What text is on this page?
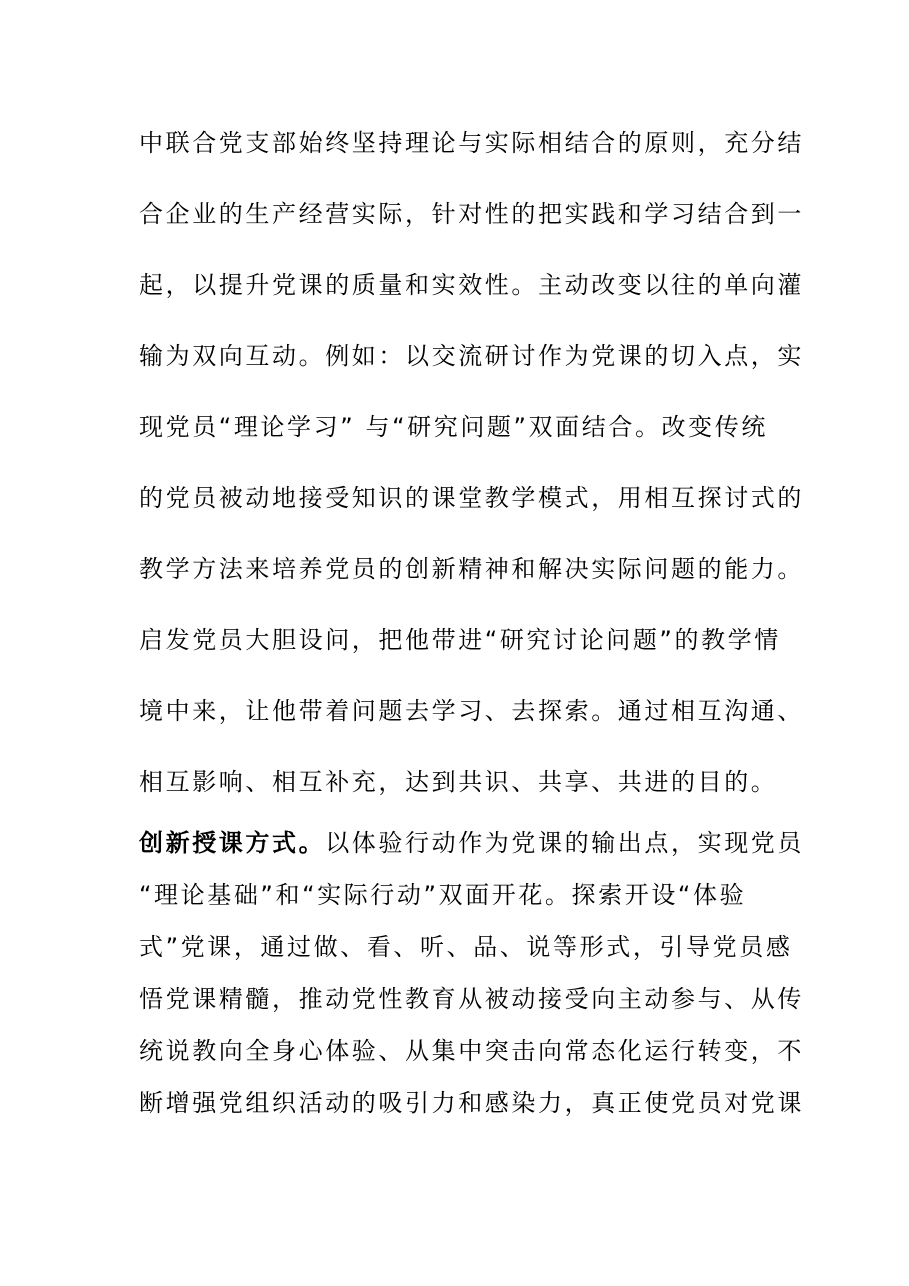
中联合党支部始终坚持理论与实际相结合的原则，充分结
合企业的生产经营实际，针对性的把实践和学习结合到一
起，以提升党课的质量和实效性。主动改变以往的单向灌
输为双向互动。例如：以交流研讨作为党课的切入点，实
现党员“理论学习” 与“研究问题”双面结合。改变传统
的党员被动地接受知识的课堂教学模式，用相互探讨式的
教学方法来培养党员的创新精神和解决实际问题的能力。
启发党员大胆设问，把他带进“研究讨论问题”的教学情
境中来，让他带着问题去学习、去探索。通过相互沟通、
相互影响、相互补充，达到共识、共享、共进的目的。
创新授课方式。以体验行动作为党课的输出点，实现党员
“理论基础”和“实际行动”双面开花。探索开设“体验
式”党课，通过做、看、听、品、说等形式，引导党员感
悟党课精髓，推动党性教育从被动接受向主动参与、从传
统说教向全身心体验、从集中突击向常态化运行转变，不
断增强党组织活动的吸引力和感染力，真正使党员对党课
